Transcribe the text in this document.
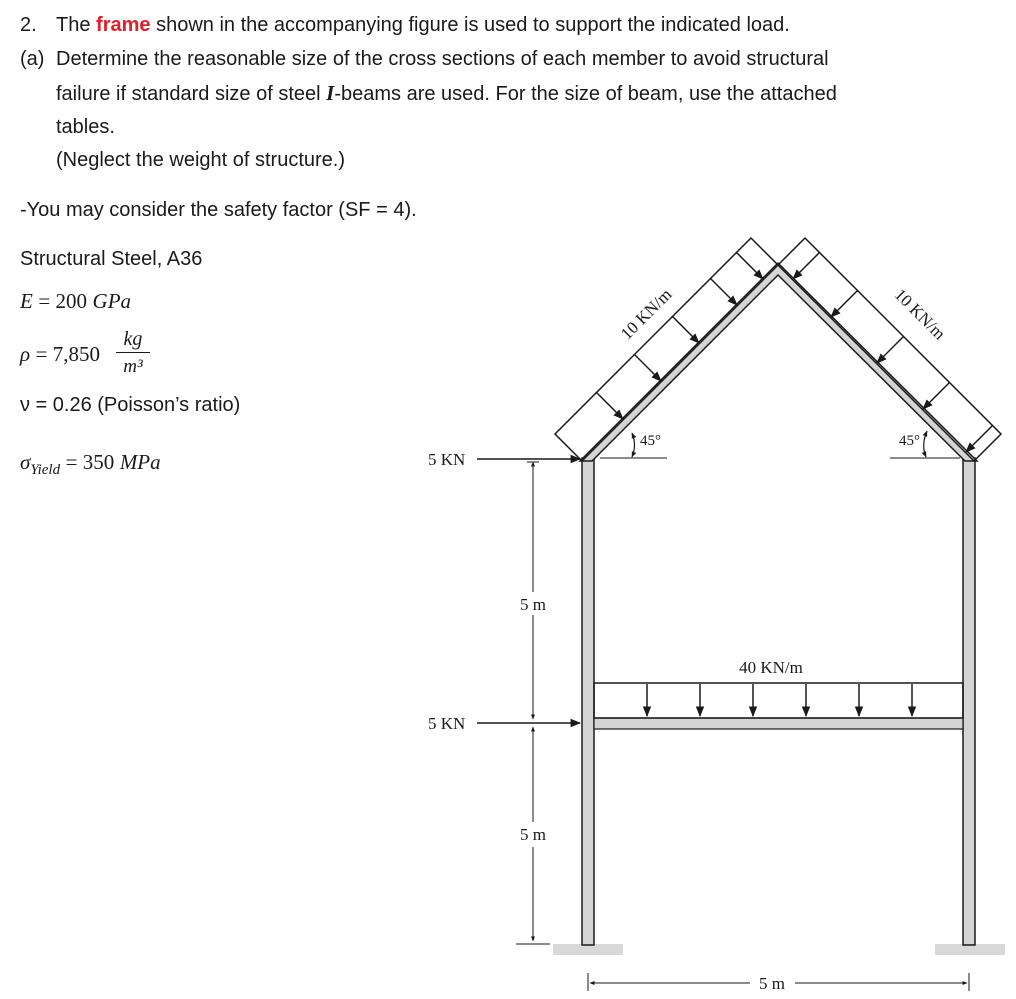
2. The frame shown in the accompanying figure is used to support the indicated load.
(a) Determine the reasonable size of the cross sections of each member to avoid structural
failure if standard size of steel I-beams are used. For the size of beam, use the attached
tables.
(Neglect the weight of structure.)
-You may consider the safety factor (SF = 4).
Structural Steel, A36
E = 200 GPa
ρ = 7,850
kg
m³
ν = 0.26 (Poisson’s ratio)
$\sigma_{Yield} = 350$ MPa
10 KN/m	10 KN/m
45°	45°
40 KN/m
5 KN
5 KN
5 m
5 m
5 m
